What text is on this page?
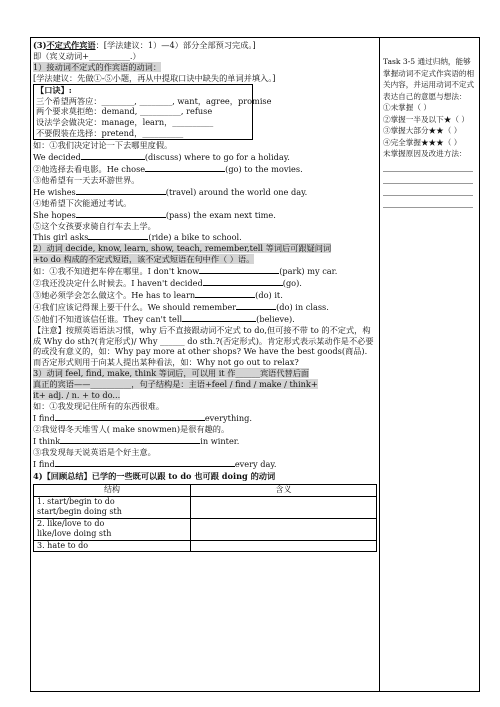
(3)不定式作宾语：[学法建议：1）—4）部分全部预习完成。]
即（宾义动词+__________.）
1）接动词不定式的作宾语的动词：
[学法建议：先做①-⑤小题，再从中提取口诀中缺失的单词并填入。]
【口诀】:
三个希望两答应：________, ________, want，agree，promise
两个要求莫拒绝：demand, __________, refuse
设法学会做决定：manage，learn，__________
不要假装在选择：pretend，__________
如：①我们决定讨论一下去哪里度假。
We decided	(discuss) where to go for a holiday.
②他选择去看电影。He chose	(go) to the movies.
③他希望有一天去环游世界。
He wishes	(travel) around the world one day.
④她希望下次能通过考试。
She hopes	(pass) the exam next time.
⑤这个女孩要求骑自行车去上学。
This girl asks	(ride) a bike to school.
2）动词 decide, know, learn, show, teach, remember,tell 等词后可跟疑问词
+to do 构成的不定式短语，该不定式短语在句中作（ ）语。
如：①我不知道把车停在哪里。I don't know	(park) my car.
②我还没决定什么时候去。I haven't decided	(go).
③她必须学会怎么做这个。He has to learn	(do) it.
④我们应该记得课上要干什么。We should remember	(do) in class.
⑤他们不知道该信任谁。They can't tell	(believe).
【注意】按照英语语法习惯，why 后不直接跟动词不定式 to do,但可接不带 to 的不定式，构成 Why do sth?(肯定形式)/ Why ______ do sth.?(否定形式)。肯定形式表示某动作是不必要的或没有意义的，如：Why pay more at other shops? We have the best goods(商品). 而否定形式则用于向某人提出某种看法，如：Why not go out to relax?
3）动词 feel, find, make, think 等词后，可以用 it 作______宾语代替后面
真正的宾语——__________，句子结构是：主语+feel / find / make / think+
it+ adj. / n. + to do...
如：①我发现记住所有的东西很难。
I find	everything.
②我觉得冬天堆雪人( make snowmen)是很有趣的。
I think	in winter.
③我发现每天说英语是个好主意。
I find	every day.
4)【回顾总结】已学的一些既可以跟 to do 也可跟 doing 的动词
结构	含义

1. start/begin to do
start/begin doing sth	

2. like/love to do
like/love doing sth	

3. hate to do	

Task 3-5 通过归纳，能够掌握动词不定式作宾语的相关内容，并运用动词不定式表达自己的意愿与想法：
①未掌握（ ）
②掌握一半及以下★（ ）
③掌握大部分★★（ ）
④完全掌握★★★（ ）
未掌握原因及改进方法：
